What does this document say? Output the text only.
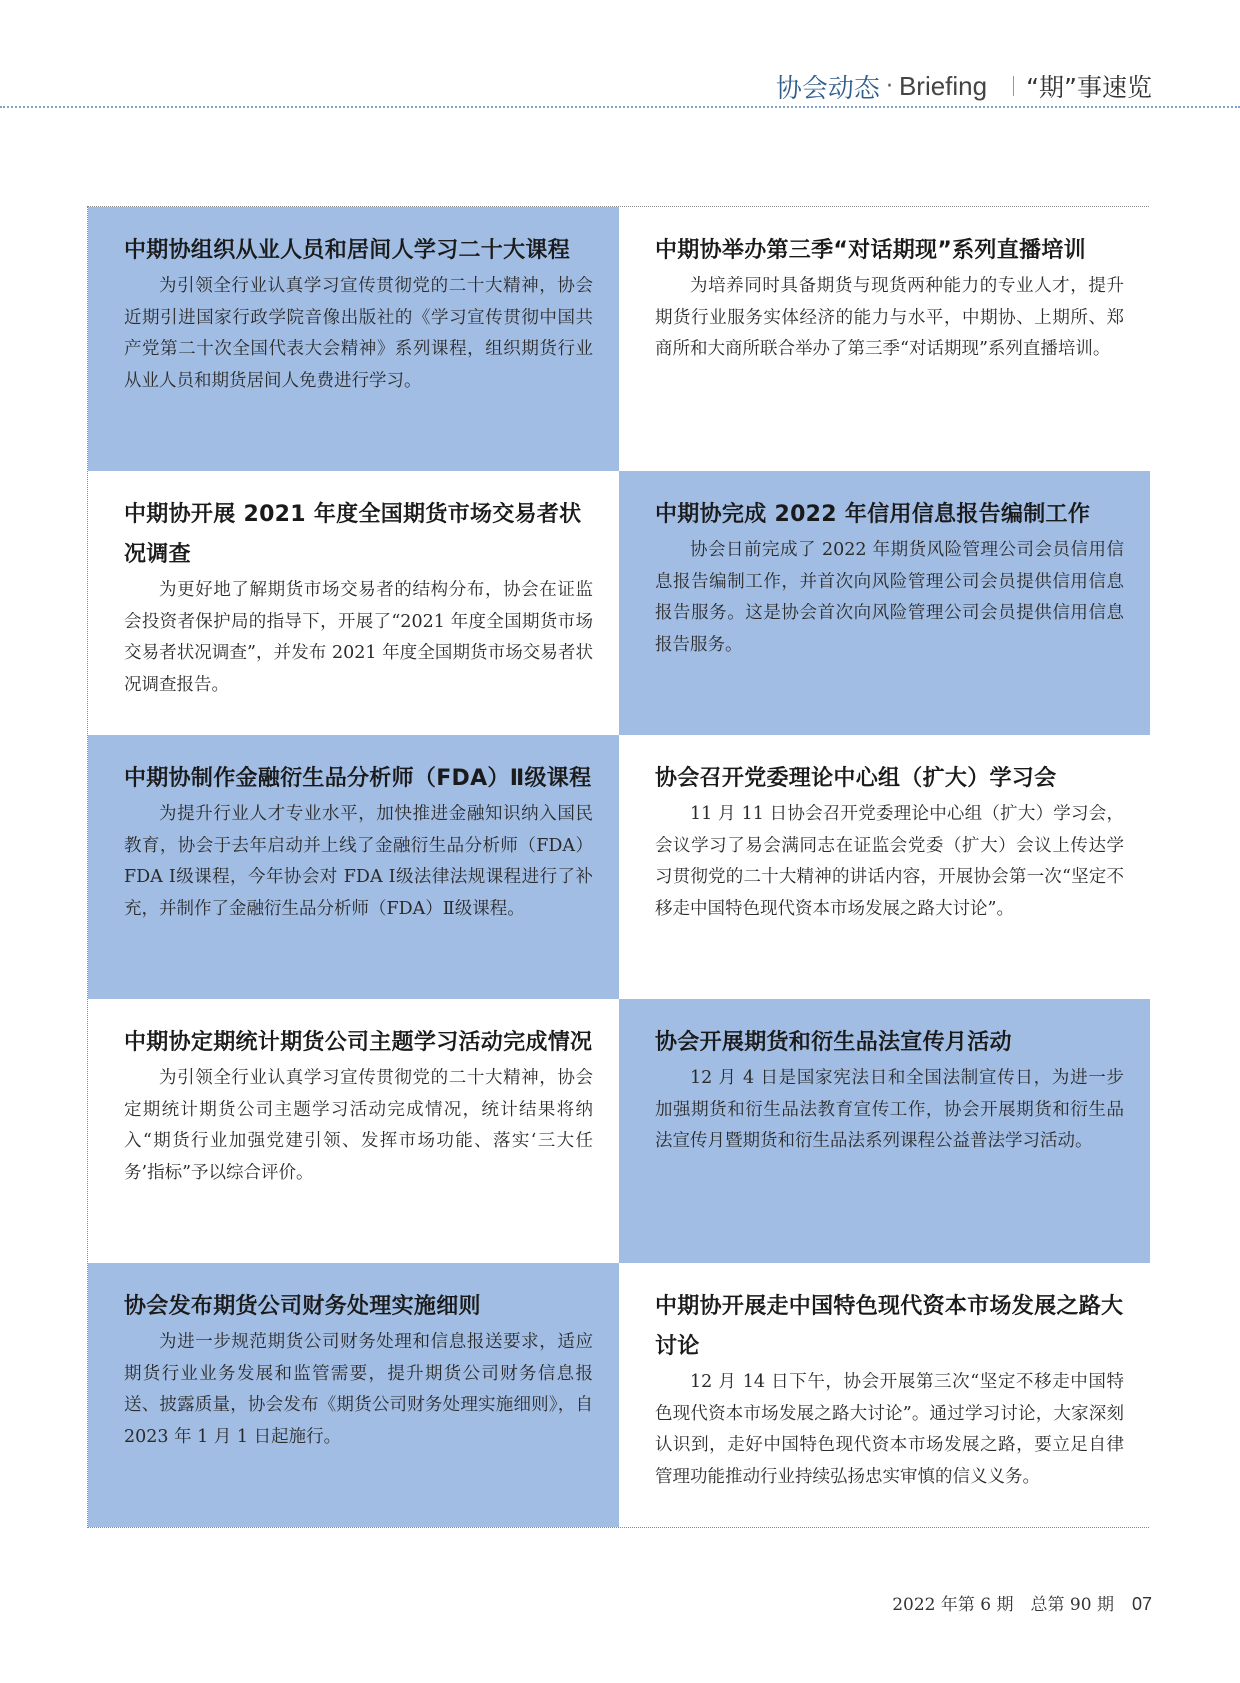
协会动态 · Briefing “期”事速览
中期协组织从业人员和居间人学习二十大课程

为引领全行业认真学习宣传贯彻党的二十大精神，协会近期引进国家行政学院音像出版社的《学习宣传贯彻中国共产党第二十次全国代表大会精神》系列课程，组织期货行业从业人员和期货居间人免费进行学习。

中期协举办第三季“对话期现”系列直播培训

为培养同时具备期货与现货两种能力的专业人才，提升期货行业服务实体经济的能力与水平，中期协、上期所、郑商所和大商所联合举办了第三季“对话期现”系列直播培训。

中期协开展 2021 年度全国期货市场交易者状况调查

为更好地了解期货市场交易者的结构分布，协会在证监会投资者保护局的指导下，开展了“2021 年度全国期货市场交易者状况调查”，并发布 2021 年度全国期货市场交易者状况调查报告。

中期协完成 2022 年信用信息报告编制工作

协会日前完成了 2022 年期货风险管理公司会员信用信息报告编制工作，并首次向风险管理公司会员提供信用信息报告服务。这是协会首次向风险管理公司会员提供信用信息报告服务。

中期协制作金融衍生品分析师（FDA）Ⅱ级课程

为提升行业人才专业水平，加快推进金融知识纳入国民教育，协会于去年启动并上线了金融衍生品分析师（FDA）FDA Ⅰ级课程，今年协会对 FDA Ⅰ级法律法规课程进行了补充，并制作了金融衍生品分析师（FDA）Ⅱ级课程。

协会召开党委理论中心组（扩大）学习会

11 月 11 日协会召开党委理论中心组（扩大）学习会，会议学习了易会满同志在证监会党委（扩大）会议上传达学习贯彻党的二十大精神的讲话内容，开展协会第一次“坚定不移走中国特色现代资本市场发展之路大讨论”。

中期协定期统计期货公司主题学习活动完成情况

为引领全行业认真学习宣传贯彻党的二十大精神，协会定期统计期货公司主题学习活动完成情况，统计结果将纳入“期货行业加强党建引领、发挥市场功能、落实‘三大任务’指标”予以综合评价。

协会开展期货和衍生品法宣传月活动

12 月 4 日是国家宪法日和全国法制宣传日，为进一步加强期货和衍生品法教育宣传工作，协会开展期货和衍生品法宣传月暨期货和衍生品法系列课程公益普法学习活动。

协会发布期货公司财务处理实施细则

为进一步规范期货公司财务处理和信息报送要求，适应期货行业业务发展和监管需要，提升期货公司财务信息报送、披露质量，协会发布《期货公司财务处理实施细则》，自 2023 年 1 月 1 日起施行。

中期协开展走中国特色现代资本市场发展之路大讨论

12 月 14 日下午，协会开展第三次“坚定不移走中国特色现代资本市场发展之路大讨论”。通过学习讨论，大家深刻认识到，走好中国特色现代资本市场发展之路，要立足自律管理功能推动行业持续弘扬忠实审慎的信义义务。

2022 年第 6 期　总第 90 期 07
